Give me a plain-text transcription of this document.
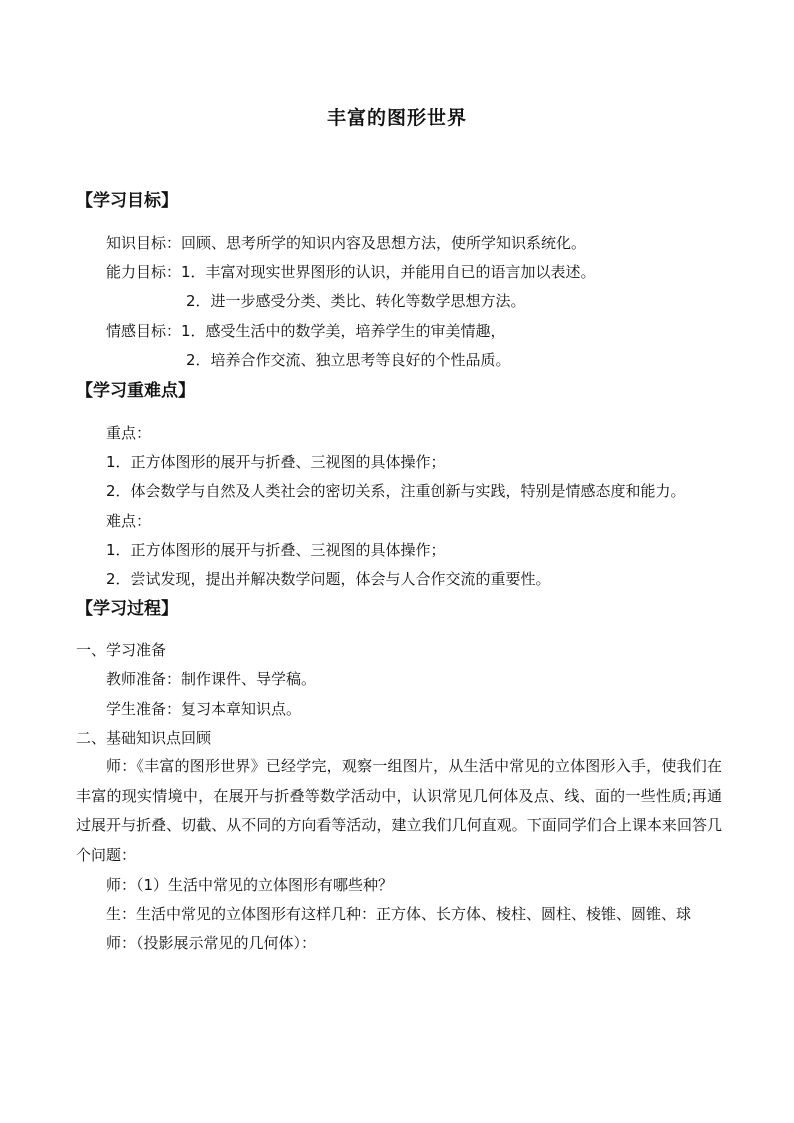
丰富的图形世界
【学习目标】
知识目标：回顾、思考所学的知识内容及思想方法，使所学知识系统化。
能力目标：1．丰富对现实世界图形的认识，并能用自已的语言加以表述。
2．进一步感受分类、类比、转化等数学思想方法。
情感目标：1．感受生活中的数学美，培养学生的审美情趣，
2．培养合作交流、独立思考等良好的个性品质。
【学习重难点】
重点：
1．正方体图形的展开与折叠、三视图的具体操作；
2．体会数学与自然及人类社会的密切关系，注重创新与实践，特别是情感态度和能力。
难点：
1．正方体图形的展开与折叠、三视图的具体操作；
2．尝试发现，提出并解决数学问题，体会与人合作交流的重要性。
【学习过程】
一、学习准备
教师准备：制作课件、导学稿。
学生准备：复习本章知识点。
二、基础知识点回顾
师：《丰富的图形世界》已经学完，观察一组图片，从生活中常见的立体图形入手，使我们在丰富的现实情境中，在展开与折叠等数学活动中，认识常见几何体及点、线、面的一些性质;再通过展开与折叠、切截、从不同的方向看等活动，建立我们几何直观。下面同学们合上课本来回答几个问题：
师：（1）生活中常见的立体图形有哪些种？
生：生活中常见的立体图形有这样几种：正方体、长方体、棱柱、圆柱、棱锥、圆锥、球
师：（投影展示常见的几何体）：
